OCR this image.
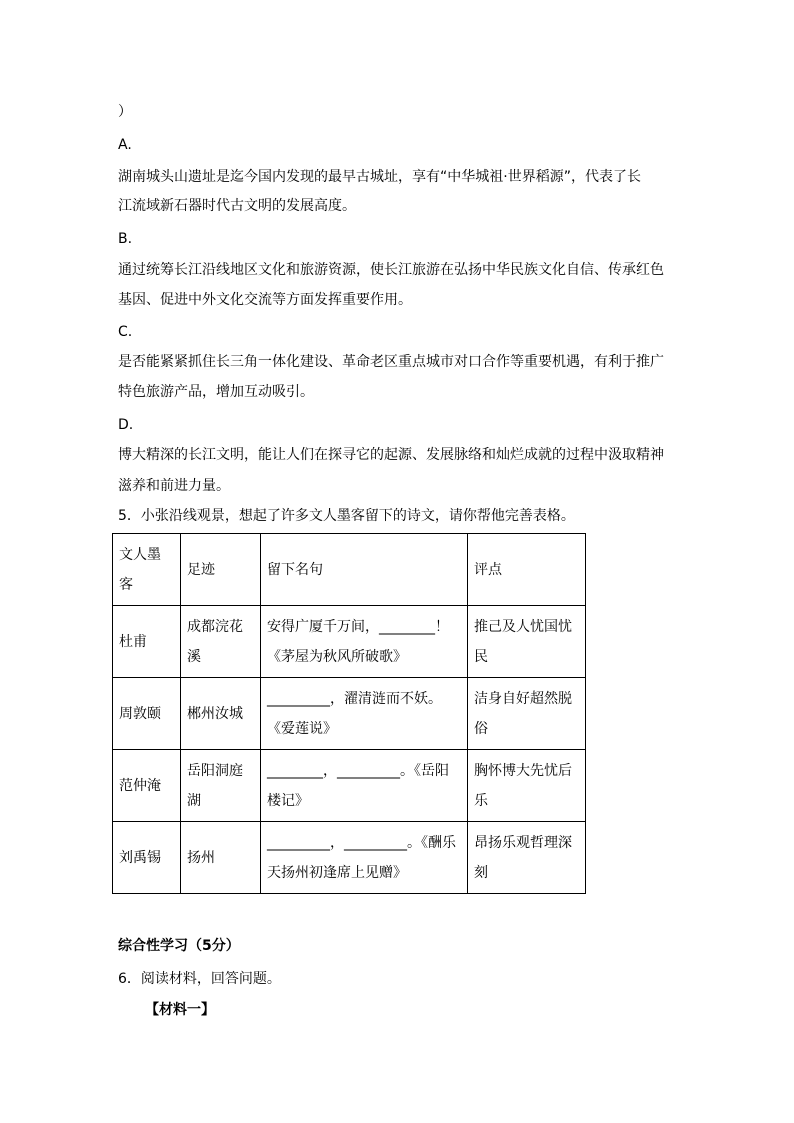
）
A.
湖南城头山遗址是迄今国内发现的最早古城址，享有“中华城祖·世界稻源”，代表了长
江流域新石器时代古文明的发展高度。
B.
通过统筹长江沿线地区文化和旅游资源，使长江旅游在弘扬中华民族文化自信、传承红色
基因、促进中外文化交流等方面发挥重要作用。
C.
是否能紧紧抓住长三角一体化建设、革命老区重点城市对口合作等重要机遇，有利于推广
特色旅游产品，增加互动吸引。
D.
博大精深的长江文明，能让人们在探寻它的起源、发展脉络和灿烂成就的过程中汲取精神
滋养和前进力量。
5．小张沿线观景，想起了许多文人墨客留下的诗文，请你帮他完善表格。
文人墨客	足迹	留下名句	评点
杜甫	成都浣花溪	安得广厦千万间，________！《茅屋为秋风所破歌》	推己及人忧国忧民
周敦颐	郴州汝城	_________，濯清涟而不妖。《爱莲说》	洁身自好超然脱俗
范仲淹	岳阳洞庭湖	________，_________。《岳阳楼记》	胸怀博大先忧后乐
刘禹锡	扬州	_________，_________。《酬乐天扬州初逢席上见赠》	昂扬乐观哲理深刻
综合性学习（5分）
6．阅读材料，回答问题。
【材料一】
